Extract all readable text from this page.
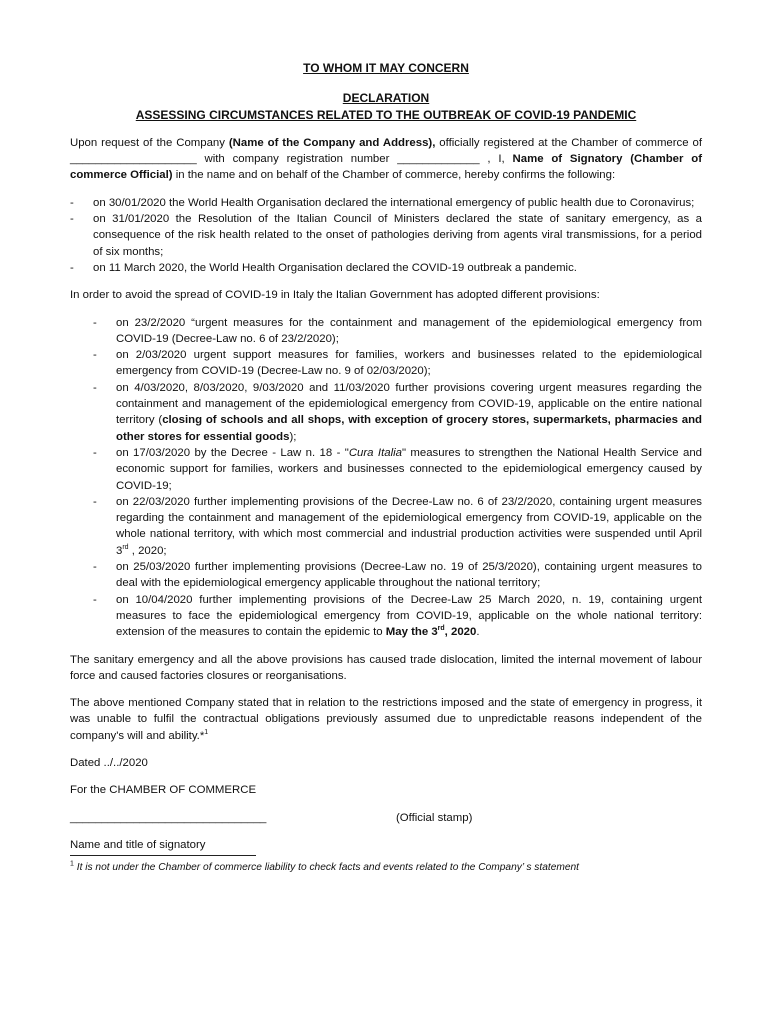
TO WHOM IT MAY CONCERN
DECLARATION
ASSESSING CIRCUMSTANCES RELATED TO THE OUTBREAK OF COVID-19 PANDEMIC

Upon request of the Company (Name of the Company and Address), officially registered at the Chamber of commerce of ____________________ with company registration number _____________ , I, Name of Signatory (Chamber of commerce Official) in the name and on behalf of the Chamber of commerce, hereby confirms the following:

- on 30/01/2020 the World Health Organisation declared the international emergency of public health due to Coronavirus;
- on 31/01/2020 the Resolution of the Italian Council of Ministers declared the state of sanitary emergency, as a consequence of the risk health related to the onset of pathologies deriving from agents viral transmissions, for a period of six months;
- on 11 March 2020, the World Health Organisation declared the COVID-19 outbreak a pandemic.

In order to avoid the spread of COVID-19 in Italy the Italian Government has adopted different provisions:

- on 23/2/2020 “urgent measures for the containment and management of the epidemiological emergency from COVID-19 (Decree-Law no. 6 of 23/2/2020);
- on 2/03/2020 urgent support measures for families, workers and businesses related to the epidemiological emergency from COVID-19 (Decree-Law no. 9 of 02/03/2020);
- on 4/03/2020, 8/03/2020, 9/03/2020 and 11/03/2020 further provisions covering urgent measures regarding the containment and management of the epidemiological emergency from COVID-19, applicable on the entire national territory (closing of schools and all shops, with exception of grocery stores, supermarkets, pharmacies and other stores for essential goods);
- on 17/03/2020 by the Decree - Law n. 18 - "Cura Italia" measures to strengthen the National Health Service and economic support for families, workers and businesses connected to the epidemiological emergency caused by COVID-19;
- on 22/03/2020 further implementing provisions of the Decree-Law no. 6 of 23/2/2020, containing urgent measures regarding the containment and management of the epidemiological emergency from COVID-19, applicable on the whole national territory, with which most commercial and industrial production activities were suspended until April 3rd , 2020;
- on 25/03/2020 further implementing provisions (Decree-Law no. 19 of 25/3/2020), containing urgent measures to deal with the epidemiological emergency applicable throughout the national territory;
- on 10/04/2020 further implementing provisions of the Decree-Law 25 March 2020, n. 19, containing urgent measures to face the epidemiological emergency from COVID-19, applicable on the whole national territory: extension of the measures to contain the epidemic to May the 3rd, 2020.

The sanitary emergency and all the above provisions has caused trade dislocation, limited the internal movement of labour force and caused factories closures or reorganisations.

The above mentioned Company stated that in relation to the restrictions imposed and the state of emergency in progress, it was unable to fulfil the contractual obligations previously assumed due to unpredictable reasons independent of the company's will and ability.*$^1$

Dated ../../2020

For the CHAMBER OF COMMERCE

_______________________________	(Official stamp)

Name and title of signatory

$^1$ It is not under the Chamber of commerce liability to check facts and events related to the Company’ s statement
